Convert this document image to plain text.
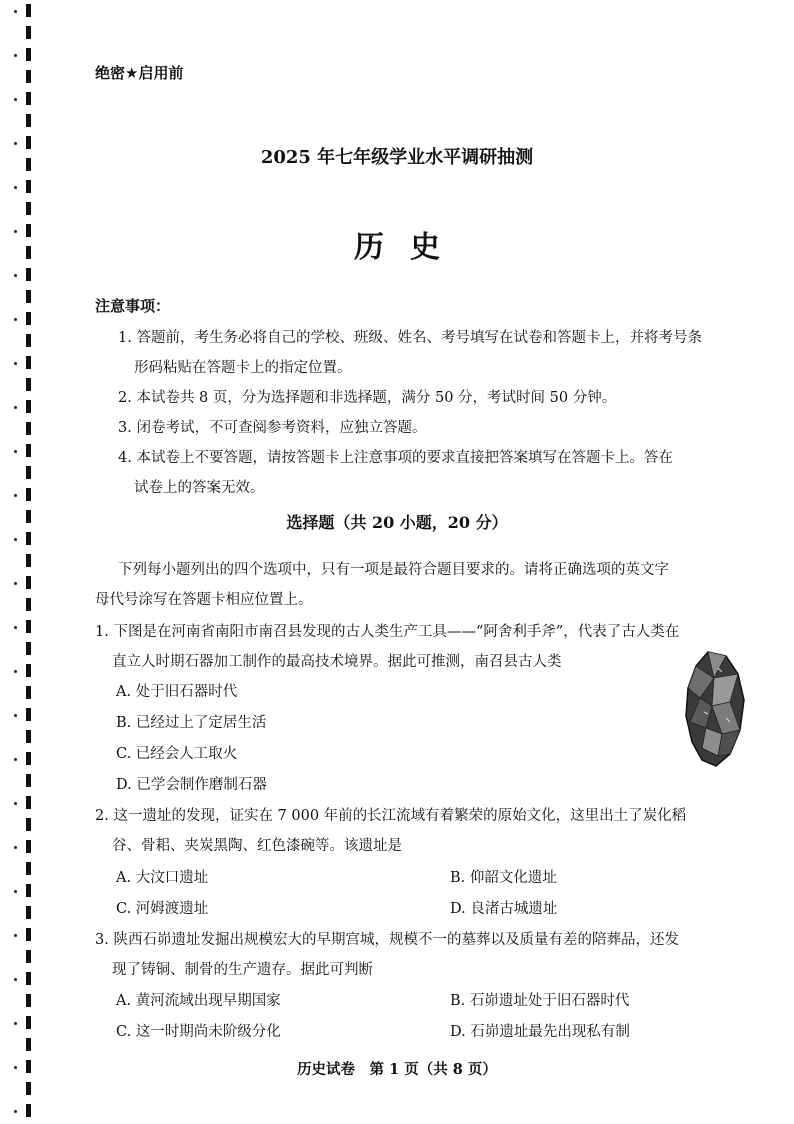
绝密★启用前
2025 年七年级学业水平调研抽测
历史
注意事项：
1. 答题前，考生务必将自己的学校、班级、姓名、考号填写在试卷和答题卡上，并将考号条
形码粘贴在答题卡上的指定位置。
2. 本试卷共 8 页，分为选择题和非选择题，满分 50 分，考试时间 50 分钟。
3. 闭卷考试，不可查阅参考资料，应独立答题。
4. 本试卷上不要答题，请按答题卡上注意事项的要求直接把答案填写在答题卡上。答在
试卷上的答案无效。
选择题（共 20 小题，20 分）
下列每小题列出的四个选项中，只有一项是最符合题目要求的。请将正确选项的英文字
母代号涂写在答题卡相应位置上。
1. 下图是在河南省南阳市南召县发现的古人类生产工具——“阿舍利手斧”，代表了古人类在
直立人时期石器加工制作的最高技术境界。据此可推测，南召县古人类
A. 处于旧石器时代
B. 已经过上了定居生活
C. 已经会人工取火
D. 已学会制作磨制石器
2. 这一遗址的发现，证实在 7 000 年前的长江流域有着繁荣的原始文化，这里出土了炭化稻
谷、骨耜、夹炭黑陶、红色漆碗等。该遗址是
A. 大汶口遗址	B. 仰韶文化遗址
C. 河姆渡遗址	D. 良渚古城遗址
3. 陕西石峁遗址发掘出规模宏大的早期宫城，规模不一的墓葬以及质量有差的陪葬品，还发
现了铸铜、制骨的生产遗存。据此可判断
A. 黄河流域出现早期国家	B. 石峁遗址处于旧石器时代
C. 这一时期尚未阶级分化	D. 石峁遗址最先出现私有制
历史试卷　第 1 页（共 8 页）
